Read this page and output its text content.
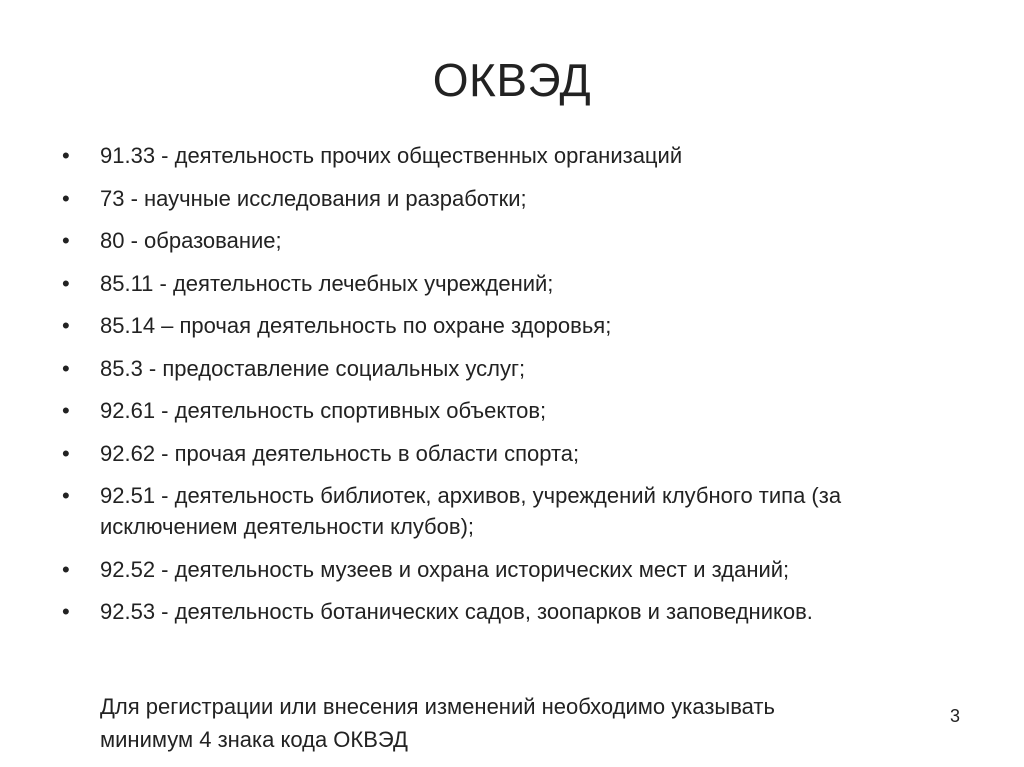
ОКВЭД
•	91.33 - деятельность прочих общественных организаций
•	73 - научные исследования и разработки;
•	80 - образование;
•	85.11 - деятельность лечебных учреждений;
•	85.14 – прочая деятельность по охране здоровья;
•	85.3 - предоставление социальных услуг;
•	92.61 - деятельность спортивных объектов;
•	92.62 - прочая деятельность в области спорта;
•	92.51 - деятельность библиотек, архивов, учреждений клубного типа (за исключением деятельности клубов);
•	92.52 - деятельность музеев и охрана исторических мест и зданий;
•	92.53 - деятельность ботанических садов, зоопарков и заповедников.
Для регистрации или внесения изменений необходимо указывать
минимум 4 знака кода ОКВЭД
3
